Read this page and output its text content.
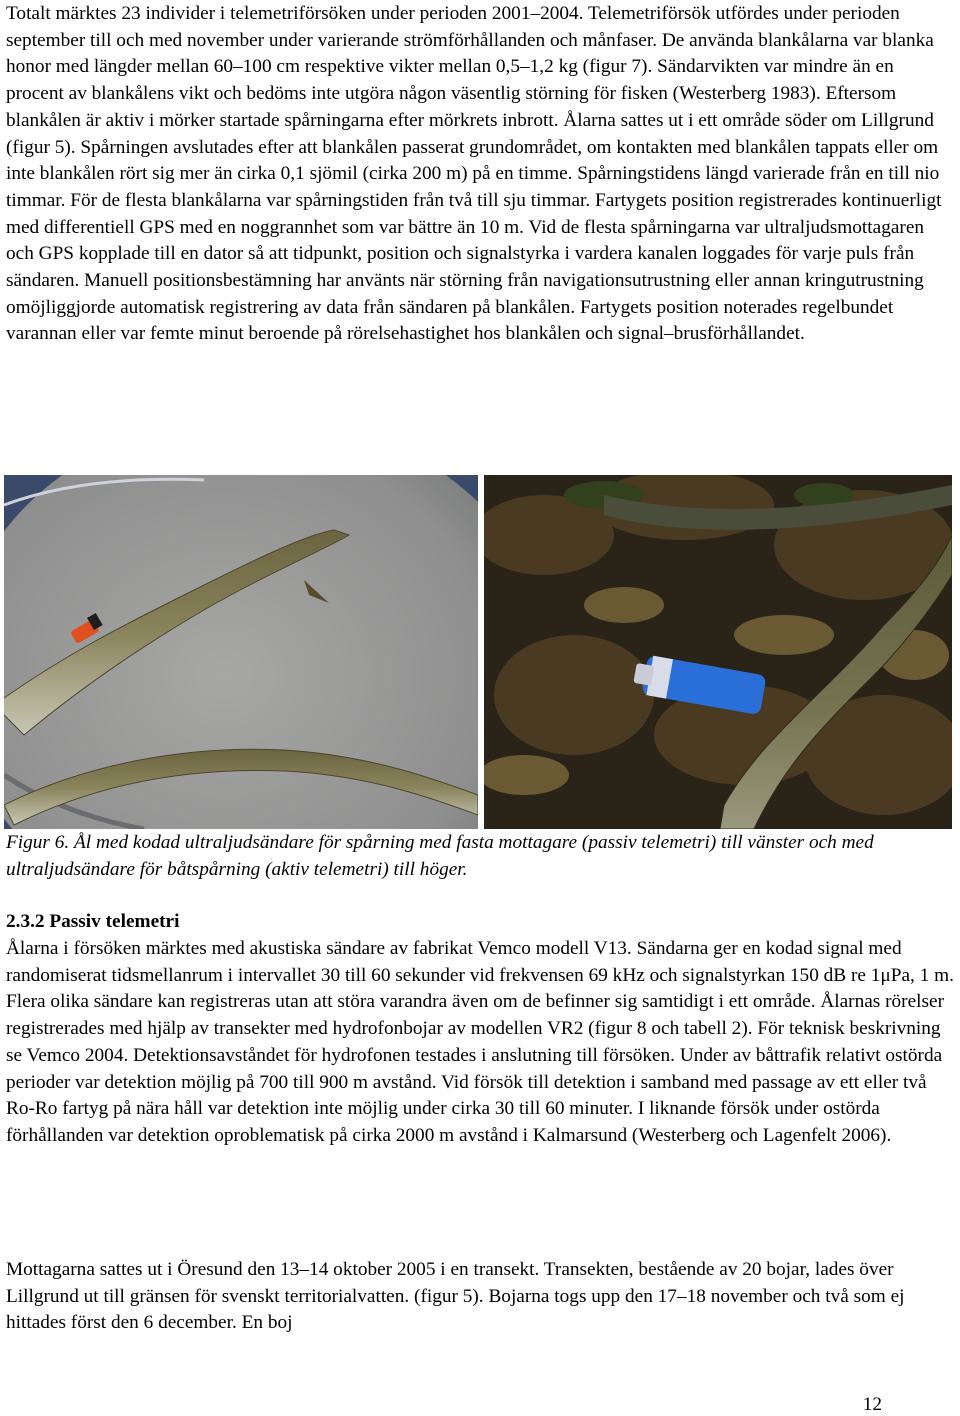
Totalt märktes 23 individer i telemetriförsöken under perioden 2001–2004. Telemetriförsök utfördes under perioden september till och med november under varierande strömförhållanden och månfaser. De använda blankålarna var blanka honor med längder mellan 60–100 cm respektive vikter mellan 0,5–1,2 kg (figur 7). Sändarvikten var mindre än en procent av blankålens vikt och bedöms inte utgöra någon väsentlig störning för fisken (Westerberg 1983). Eftersom blankålen är aktiv i mörker startade spårningarna efter mörkrets inbrott. Ålarna sattes ut i ett område söder om Lillgrund (figur 5). Spårningen avslutades efter att blankålen passerat grundområdet, om kontakten med blankålen tappats eller om inte blankålen rört sig mer än cirka 0,1 sjömil (cirka 200 m) på en timme. Spårningstidens längd varierade från en till nio timmar. För de flesta blankålarna var spårningstiden från två till sju timmar. Fartygets position registrerades kontinuerligt med differentiell GPS med en noggrannhet som var bättre än 10 m. Vid de flesta spårningarna var ultraljudsmottagaren och GPS kopplade till en dator så att tidpunkt, position och signalstyrka i vardera kanalen loggades för varje puls från sändaren. Manuell positionsbestämning har använts när störning från navigationsutrustning eller annan kringutrustning omöjliggjorde automatisk registrering av data från sändaren på blankålen. Fartygets position noterades regelbundet varannan eller var femte minut beroende på rörelsehastighet hos blankålen och signal–brusförhållandet.

Figur 6. Ål med kodad ultraljudsändare för spårning med fasta mottagare (passiv telemetri) till vänster och med ultraljudsändare för båtspårning (aktiv telemetri) till höger.
2.3.2 Passiv telemetri

Ålarna i försöken märktes med akustiska sändare av fabrikat Vemco modell V13. Sändarna ger en kodad signal med randomiserat tidsmellanrum i intervallet 30 till 60 sekunder vid frekvensen 69 kHz och signalstyrkan 150 dB re 1μPa, 1 m. Flera olika sändare kan registreras utan att störa varandra även om de befinner sig samtidigt i ett område. Ålarnas rörelser registrerades med hjälp av transekter med hydrofonbojar av modellen VR2 (figur 8 och tabell 2). För teknisk beskrivning se Vemco 2004. Detektionsavståndet för hydrofonen testades i anslutning till försöken. Under av båttrafik relativt ostörda perioder var detektion möjlig på 700 till 900 m avstånd. Vid försök till detektion i samband med passage av ett eller två Ro-Ro fartyg på nära håll var detektion inte möjlig under cirka 30 till 60 minuter. I liknande försök under ostörda förhållanden var detektion oproblematisk på cirka 2000 m avstånd i Kalmarsund (Westerberg och Lagenfelt 2006).

Mottagarna sattes ut i Öresund den 13–14 oktober 2005 i en transekt. Transekten, bestående av 20 bojar, lades över Lillgrund ut till gränsen för svenskt territorialvatten. (figur 5). Bojarna togs upp den 17–18 november och två som ej hittades först den 6 december. En boj

12
